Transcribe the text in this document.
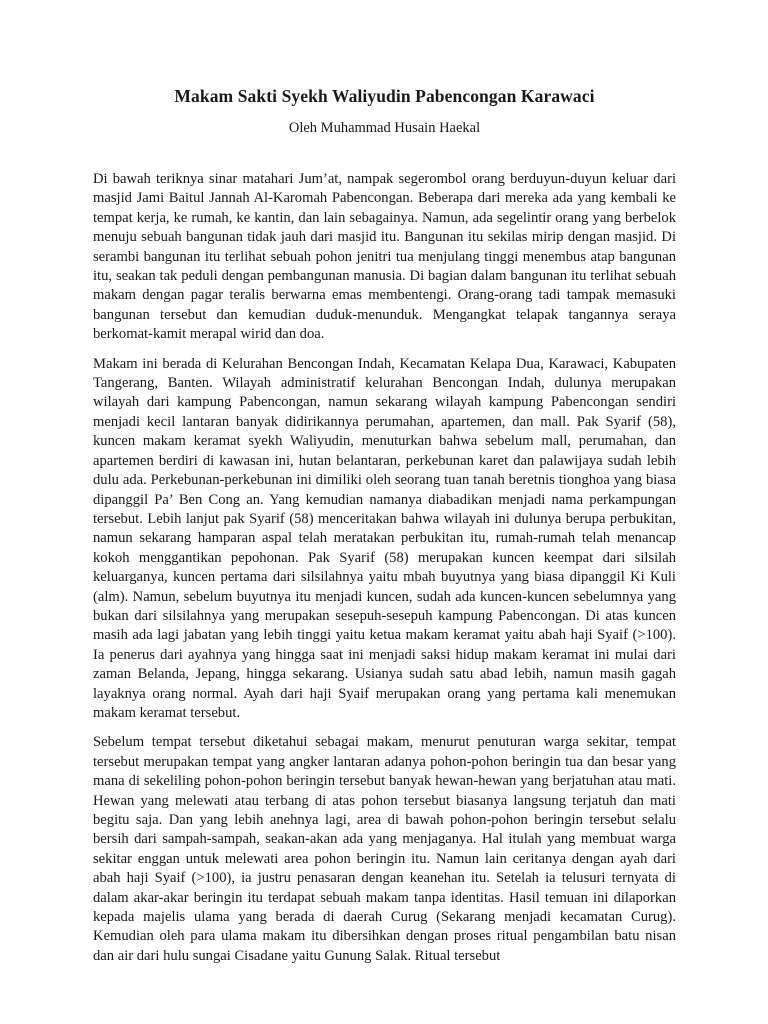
Makam Sakti Syekh Waliyudin Pabencongan Karawaci
Oleh Muhammad Husain Haekal

Di bawah teriknya sinar matahari Jum’at, nampak segerombol orang berduyun-duyun keluar dari masjid Jami Baitul Jannah Al-Karomah Pabencongan. Beberapa dari mereka ada yang kembali ke tempat kerja, ke rumah, ke kantin, dan lain sebagainya. Namun, ada segelintir orang yang berbelok menuju sebuah bangunan tidak jauh dari masjid itu. Bangunan itu sekilas mirip dengan masjid. Di serambi bangunan itu terlihat sebuah pohon jenitri tua menjulang tinggi menembus atap bangunan itu, seakan tak peduli dengan pembangunan manusia. Di bagian dalam bangunan itu terlihat sebuah makam dengan pagar teralis berwarna emas membentengi. Orang-orang tadi tampak memasuki bangunan tersebut dan kemudian duduk-menunduk. Mengangkat telapak tangannya seraya berkomat-kamit merapal wirid dan doa.

Makam ini berada di Kelurahan Bencongan Indah, Kecamatan Kelapa Dua, Karawaci, Kabupaten Tangerang, Banten. Wilayah administratif kelurahan Bencongan Indah, dulunya merupakan wilayah dari kampung Pabencongan, namun sekarang wilayah kampung Pabencongan sendiri menjadi kecil lantaran banyak didirikannya perumahan, apartemen, dan mall. Pak Syarif (58), kuncen makam keramat syekh Waliyudin, menuturkan bahwa sebelum mall, perumahan, dan apartemen berdiri di kawasan ini, hutan belantaran, perkebunan karet dan palawijaya sudah lebih dulu ada. Perkebunan-perkebunan ini dimiliki oleh seorang tuan tanah beretnis tionghoa yang biasa dipanggil Pa’ Ben Cong an. Yang kemudian namanya diabadikan menjadi nama perkampungan tersebut. Lebih lanjut pak Syarif (58) menceritakan bahwa wilayah ini dulunya berupa perbukitan, namun sekarang hamparan aspal telah meratakan perbukitan itu, rumah-rumah telah menancap kokoh menggantikan pepohonan. Pak Syarif (58) merupakan kuncen keempat dari silsilah keluarganya, kuncen pertama dari silsilahnya yaitu mbah buyutnya yang biasa dipanggil Ki Kuli (alm). Namun, sebelum buyutnya itu menjadi kuncen, sudah ada kuncen-kuncen sebelumnya yang bukan dari silsilahnya yang merupakan sesepuh-sesepuh kampung Pabencongan. Di atas kuncen masih ada lagi jabatan yang lebih tinggi yaitu ketua makam keramat yaitu abah haji Syaif (>100). Ia penerus dari ayahnya yang hingga saat ini menjadi saksi hidup makam keramat ini mulai dari zaman Belanda, Jepang, hingga sekarang. Usianya sudah satu abad lebih, namun masih gagah layaknya orang normal. Ayah dari haji Syaif merupakan orang yang pertama kali menemukan makam keramat tersebut.

Sebelum tempat tersebut diketahui sebagai makam, menurut penuturan warga sekitar, tempat tersebut merupakan tempat yang angker lantaran adanya pohon-pohon beringin tua dan besar yang mana di sekeliling pohon-pohon beringin tersebut banyak hewan-hewan yang berjatuhan atau mati. Hewan yang melewati atau terbang di atas pohon tersebut biasanya langsung terjatuh dan mati begitu saja. Dan yang lebih anehnya lagi, area di bawah pohon-pohon beringin tersebut selalu bersih dari sampah-sampah, seakan-akan ada yang menjaganya. Hal itulah yang membuat warga sekitar enggan untuk melewati area pohon beringin itu. Namun lain ceritanya dengan ayah dari abah haji Syaif (>100), ia justru penasaran dengan keanehan itu. Setelah ia telusuri ternyata di dalam akar-akar beringin itu terdapat sebuah makam tanpa identitas. Hasil temuan ini dilaporkan kepada majelis ulama yang berada di daerah Curug (Sekarang menjadi kecamatan Curug). Kemudian oleh para ulama makam itu dibersihkan dengan proses ritual pengambilan batu nisan dan air dari hulu sungai Cisadane yaitu Gunung Salak. Ritual tersebut
